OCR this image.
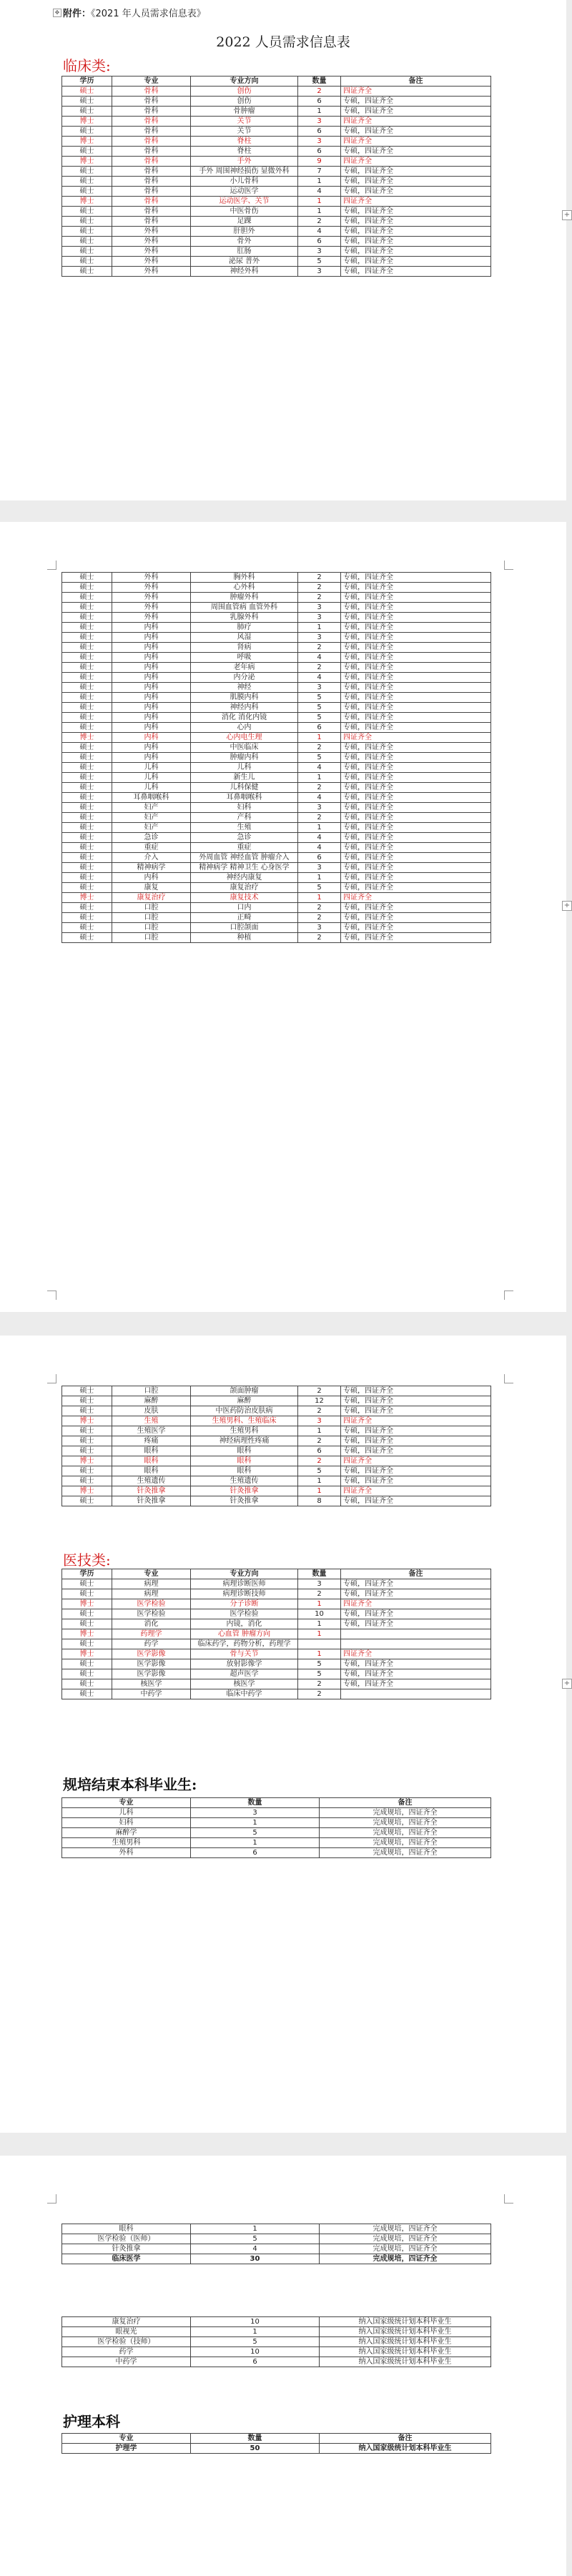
✥ 附件：《2021 年人员需求信息表》
2022 人员需求信息表
临床类:
学历	专业	专业方向	数量	备注
硕士	骨科	创伤	2	四证齐全
硕士	骨科	创伤	6	专硕，四证齐全
硕士	骨科	骨肿瘤	1	专硕，四证齐全
博士	骨科	关节	3	四证齐全
硕士	骨科	关节	6	专硕，四证齐全
博士	骨科	脊柱	3	四证齐全
硕士	骨科	脊柱	6	专硕，四证齐全
博士	骨科	手外	9	四证齐全
硕士	骨科	手外 周围神经损伤 显微外科	7	专硕，四证齐全
硕士	骨科	小儿骨科	1	专硕，四证齐全
硕士	骨科	运动医学	4	专硕，四证齐全
博士	骨科	运动医学、关节	1	四证齐全
硕士	骨科	中医骨伤	1	专硕，四证齐全
硕士	骨科	足踝	2	专硕，四证齐全
硕士	外科	肝胆外	4	专硕，四证齐全
硕士	外科	骨外	6	专硕，四证齐全
硕士	外科	肛肠	3	专硕，四证齐全
硕士	外科	泌尿 普外	5	专硕，四证齐全
硕士	外科	神经外科	3	专硕，四证齐全
+
硕士	外科	胸外科	2	专硕，四证齐全
硕士	外科	心外科	2	专硕，四证齐全
硕士	外科	肿瘤外科	2	专硕，四证齐全
硕士	外科	周围血管病 血管外科	3	专硕，四证齐全
硕士	外科	乳腺外科	3	专硕，四证齐全
硕士	内科	肺疗	1	专硕，四证齐全
硕士	内科	风湿	3	专硕，四证齐全
硕士	内科	肾病	2	专硕，四证齐全
硕士	内科	呼吸	4	专硕，四证齐全
硕士	内科	老年病	2	专硕，四证齐全
硕士	内科	内分泌	4	专硕，四证齐全
硕士	内科	神经	3	专硕，四证齐全
硕士	内科	肌膜内科	5	专硕，四证齐全
硕士	内科	神经内科	5	专硕，四证齐全
硕士	内科	消化 消化内镜	5	专硕，四证齐全
硕士	内科	心内	6	专硕，四证齐全
博士	内科	心内电生理	1	四证齐全
硕士	内科	中医临床	2	专硕，四证齐全
硕士	内科	肿瘤内科	5	专硕，四证齐全
硕士	儿科	儿科	4	专硕，四证齐全
硕士	儿科	新生儿	1	专硕，四证齐全
硕士	儿科	儿科保健	2	专硕，四证齐全
硕士	耳鼻咽喉科	耳鼻咽喉科	4	专硕，四证齐全
硕士	妇产	妇科	3	专硕，四证齐全
硕士	妇产	产科	2	专硕，四证齐全
硕士	妇产	生殖	1	专硕，四证齐全
硕士	急诊	急诊	4	专硕，四证齐全
硕士	重症	重症	4	专硕，四证齐全
硕士	介入	外周血管 神经血管 肿瘤介入	6	专硕，四证齐全
硕士	精神病学	精神病学 精神卫生 心身医学	3	专硕，四证齐全
硕士	内科	神经内康复	1	专硕，四证齐全
硕士	康复	康复治疗	5	专硕，四证齐全
博士	康复治疗	康复技术	1	四证齐全
硕士	口腔	口内	2	专硕，四证齐全
硕士	口腔	正畸	2	专硕，四证齐全
硕士	口腔	口腔颌面	3	专硕，四证齐全
硕士	口腔	种植	2	专硕，四证齐全
+
硕士	口腔	颌面肿瘤	2	专硕，四证齐全
硕士	麻醉	麻醉	12	专硕，四证齐全
硕士	皮肤	中医药防治皮肤病	2	专硕，四证齐全
博士	生殖	生殖男科、生殖临床	3	四证齐全
硕士	生殖医学	生殖男科	1	专硕，四证齐全
硕士	疼痛	神经病理性疼痛	2	专硕，四证齐全
硕士	眼科	眼科	6	专硕，四证齐全
博士	眼科	眼科	2	四证齐全
硕士	眼科	眼科	5	专硕，四证齐全
硕士	生殖遗传	生殖遗传	1	专硕，四证齐全
博士	针灸推拿	针灸推拿	1	四证齐全
硕士	针灸推拿	针灸推拿	8	专硕，四证齐全
医技类:
学历	专业	专业方向	数量	备注
硕士	病理	病理诊断医师	3	专硕，四证齐全
硕士	病理	病理诊断技师	2	专硕，四证齐全
博士	医学检验	分子诊断	1	四证齐全
硕士	医学检验	医学检验	10	专硕，四证齐全
硕士	消化	内镜，消化	1	专硕，四证齐全
博士	药理学	心血管 肿瘤方向	1	
硕士	药学	临床药学，药物分析，药理学		
博士	医学影像	骨与关节	1	四证齐全
硕士	医学影像	放射影像学	5	专硕，四证齐全
硕士	医学影像	超声医学	5	专硕，四证齐全
硕士	核医学	核医学	2	专硕，四证齐全
硕士	中药学	临床中药学	2	
+
规培结束本科毕业生:
专业	数量	备注
儿科	3	完成规培，四证齐全
妇科	1	完成规培，四证齐全
麻醉学	5	完成规培，四证齐全
生殖男科	1	完成规培，四证齐全
外科	6	完成规培，四证齐全
眼科	1	完成规培，四证齐全
医学检验（医师）	5	完成规培，四证齐全
针灸推拿	4	完成规培，四证齐全
临床医学	30	完成规培，四证齐全
康复治疗	10	纳入国家级统计划本科毕业生
眼视光	1	纳入国家级统计划本科毕业生
医学检验（技师）	5	纳入国家级统计划本科毕业生
药学	10	纳入国家级统计划本科毕业生
中药学	6	纳入国家级统计划本科毕业生
护理本科
专业	数量	备注
护理学	50	纳入国家级统计划本科毕业生
